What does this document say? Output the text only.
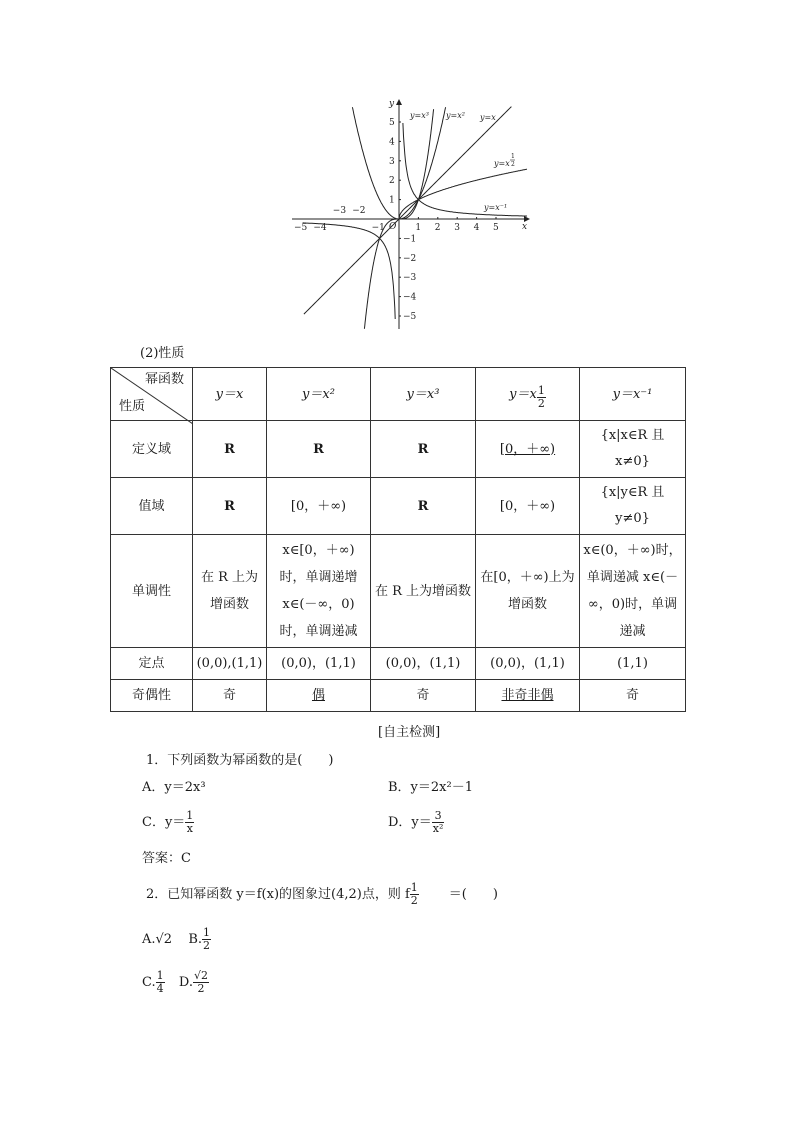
x
y
O 1 2 3 4 5
−3 −2
−5 −4	−1
5
4
3
2
1
−1
−2
−3
−4
−5
y=x³ y=x² y=x
y=x
1
2
y=x⁻¹
(2)性质
幂函数
性质	y＝x	y＝x²	y＝x³	$y=x \frac{1}{2}$	y＝x⁻¹
定义域	R	R	R	[0，＋∞)	{x|x∈R 且 x≠0}
值域	R	[0，＋∞)	R	[0，＋∞)	{x|y∈R 且 y≠0}
单调性	在 R 上为增函数	x∈[0，＋∞)时，单调递增 x∈(－∞，0)时，单调递减	在 R 上为增函数	在[0，＋∞)上为增函数	x∈(0，＋∞)时，单调递减 x∈(－∞，0)时，单调递减
定点	(0,0),(1,1)	(0,0)，(1,1)	(0,0)，(1,1)	(0,0)，(1,1)	(1,1)
奇偶性	奇	偶	奇	非奇非偶	奇
[自主检测]
1．下列函数为幂函数的是(　　)
A．y＝2x³	B．y＝2x²－1
C．$y= \frac{1}{x}$	D．$y= \frac{3}{\text{x²}}$
答案：C
2．已知幂函数 y＝f(x)的图象过(4,2)点，则 f $\frac{1}{2}$ ＝(　　)
A.√2 B. $\frac{1}{2}$
C. $\frac{1}{4} D$. $\frac{√2}{2}$
